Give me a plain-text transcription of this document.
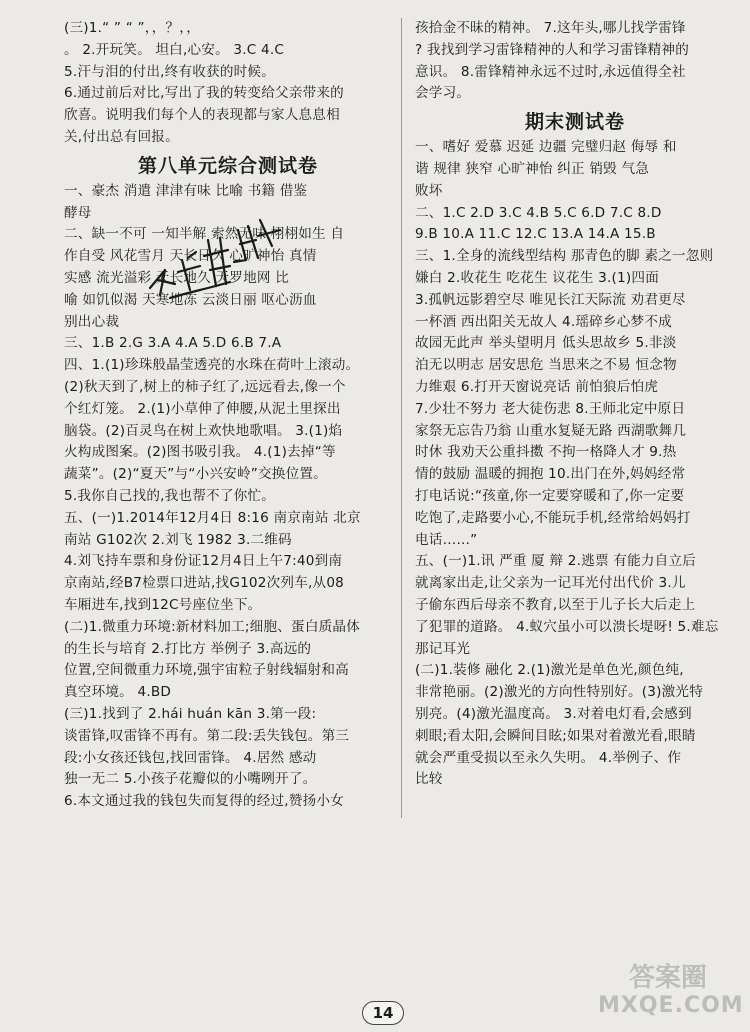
(三)1.“ ” “ ”，，？，，
。 2.开玩笑。 坦白,心安。 3.C 4.C
5.汗与泪的付出,终有收获的时候。
6.通过前后对比,写出了我的转变给父亲带来的
欣喜。说明我们每个人的表现都与家人息息相
关,付出总有回报。
第八单元综合测试卷
一、豪杰 消遣 津津有味 比喻 书籍 借鉴
酵母
二、缺一不可 一知半解 索然无味 栩栩如生 自
作自受 风花雪月 天长日久 心旷神怡 真情
实感 流光溢彩 天长地久 天罗地网 比
喻 如饥似渴 天寒地冻 云淡日丽 呕心沥血
别出心裁
三、1.B 2.G 3.A 4.A 5.D 6.B 7.A
四、1.(1)珍珠般晶莹透亮的水珠在荷叶上滚动。
(2)秋天到了,树上的柿子红了,远远看去,像一个
个红灯笼。 2.(1)小草伸了伸腰,从泥土里探出
脑袋。(2)百灵鸟在树上欢快地歌唱。 3.(1)焰
火构成图案。(2)图书吸引我。 4.(1)去掉“等
蔬菜”。(2)“夏天”与“小兴安岭”交换位置。
5.我你自己找的,我也帮不了你忙。
五、(一)1.2014年12月4日 8:16 南京南站 北京
南站 G102次 2.刘飞 1982 3.二维码
4.刘飞持车票和身份证12月4日上午7:40到南
京南站,经B7检票口进站,找G102次列车,从08
车厢进车,找到12C号座位坐下。
(二)1.微重力环境:新材料加工;细胞、蛋白质晶体
的生长与培育 2.打比方 举例子 3.高远的
位置,空间微重力环境,强宇宙粒子射线辐射和高
真空环境。 4.BD
(三)1.找到了 2.hái huán kān 3.第一段:
谈雷锋,叹雷锋不再有。第二段:丢失钱包。第三
段:小女孩还钱包,找回雷锋。 4.居然 感动
独一无二 5.小孩子花瓣似的小嘴咧开了。
6.本文通过我的钱包失而复得的经过,赞扬小女
孩拾金不昧的精神。 7.这年头,哪儿找学雷锋
? 我找到学习雷锋精神的人和学习雷锋精神的
意识。 8.雷锋精神永远不过时,永远值得全社
会学习。
期末测试卷
一、嗜好 爱慕 迟延 边疆 完璧归赵 侮辱 和
谐 规律 狭窄 心旷神怡 纠正 销毁 气急
败坏
二、1.C 2.D 3.C 4.B 5.C 6.D 7.C 8.D
9.B 10.A 11.C 12.C 13.A 14.A 15.B
三、1.全身的流线型结构 那青色的脚 素之一忽则
嫌白 2.收花生 吃花生 议花生 3.(1)四面
3.孤帆远影碧空尽 唯见长江天际流 劝君更尽
一杯酒 西出阳关无故人 4.瑶碎乡心梦不成
故园无此声 举头望明月 低头思故乡 5.非淡
泊无以明志 居安思危 当思来之不易 恒念物
力维艰 6.打开天窗说亮话 前怕狼后怕虎
7.少壮不努力 老大徒伤悲 8.王师北定中原日
家祭无忘告乃翁 山重水复疑无路 西湖歌舞几
时休 我劝天公重抖擞 不拘一格降人才 9.热
情的鼓励 温暖的拥抱 10.出门在外,妈妈经常
打电话说:“孩童,你一定要穿暖和了,你一定要
吃饱了,走路要小心,不能玩手机,经常给妈妈打
电话……”
五、(一)1.讯 严重 厦 辩 2.逃票 有能力自立后
就离家出走,让父亲为一记耳光付出代价 3.儿
子偷东西后母亲不教育,以至于儿子长大后走上
了犯罪的道路。 4.蚁穴虽小可以溃长堤呀! 5.难忘
那记耳光
(二)1.装修 融化 2.(1)激光是单色光,颜色纯,
非常艳丽。(2)激光的方向性特别好。(3)激光特
别亮。(4)激光温度高。 3.对着电灯看,会感到
刺眼;看太阳,会瞬间目眩;如果对着激光看,眼睛
就会严重受损以至永久失明。 4.举例子、作
比较
14
答案圈
MXQE.COM
